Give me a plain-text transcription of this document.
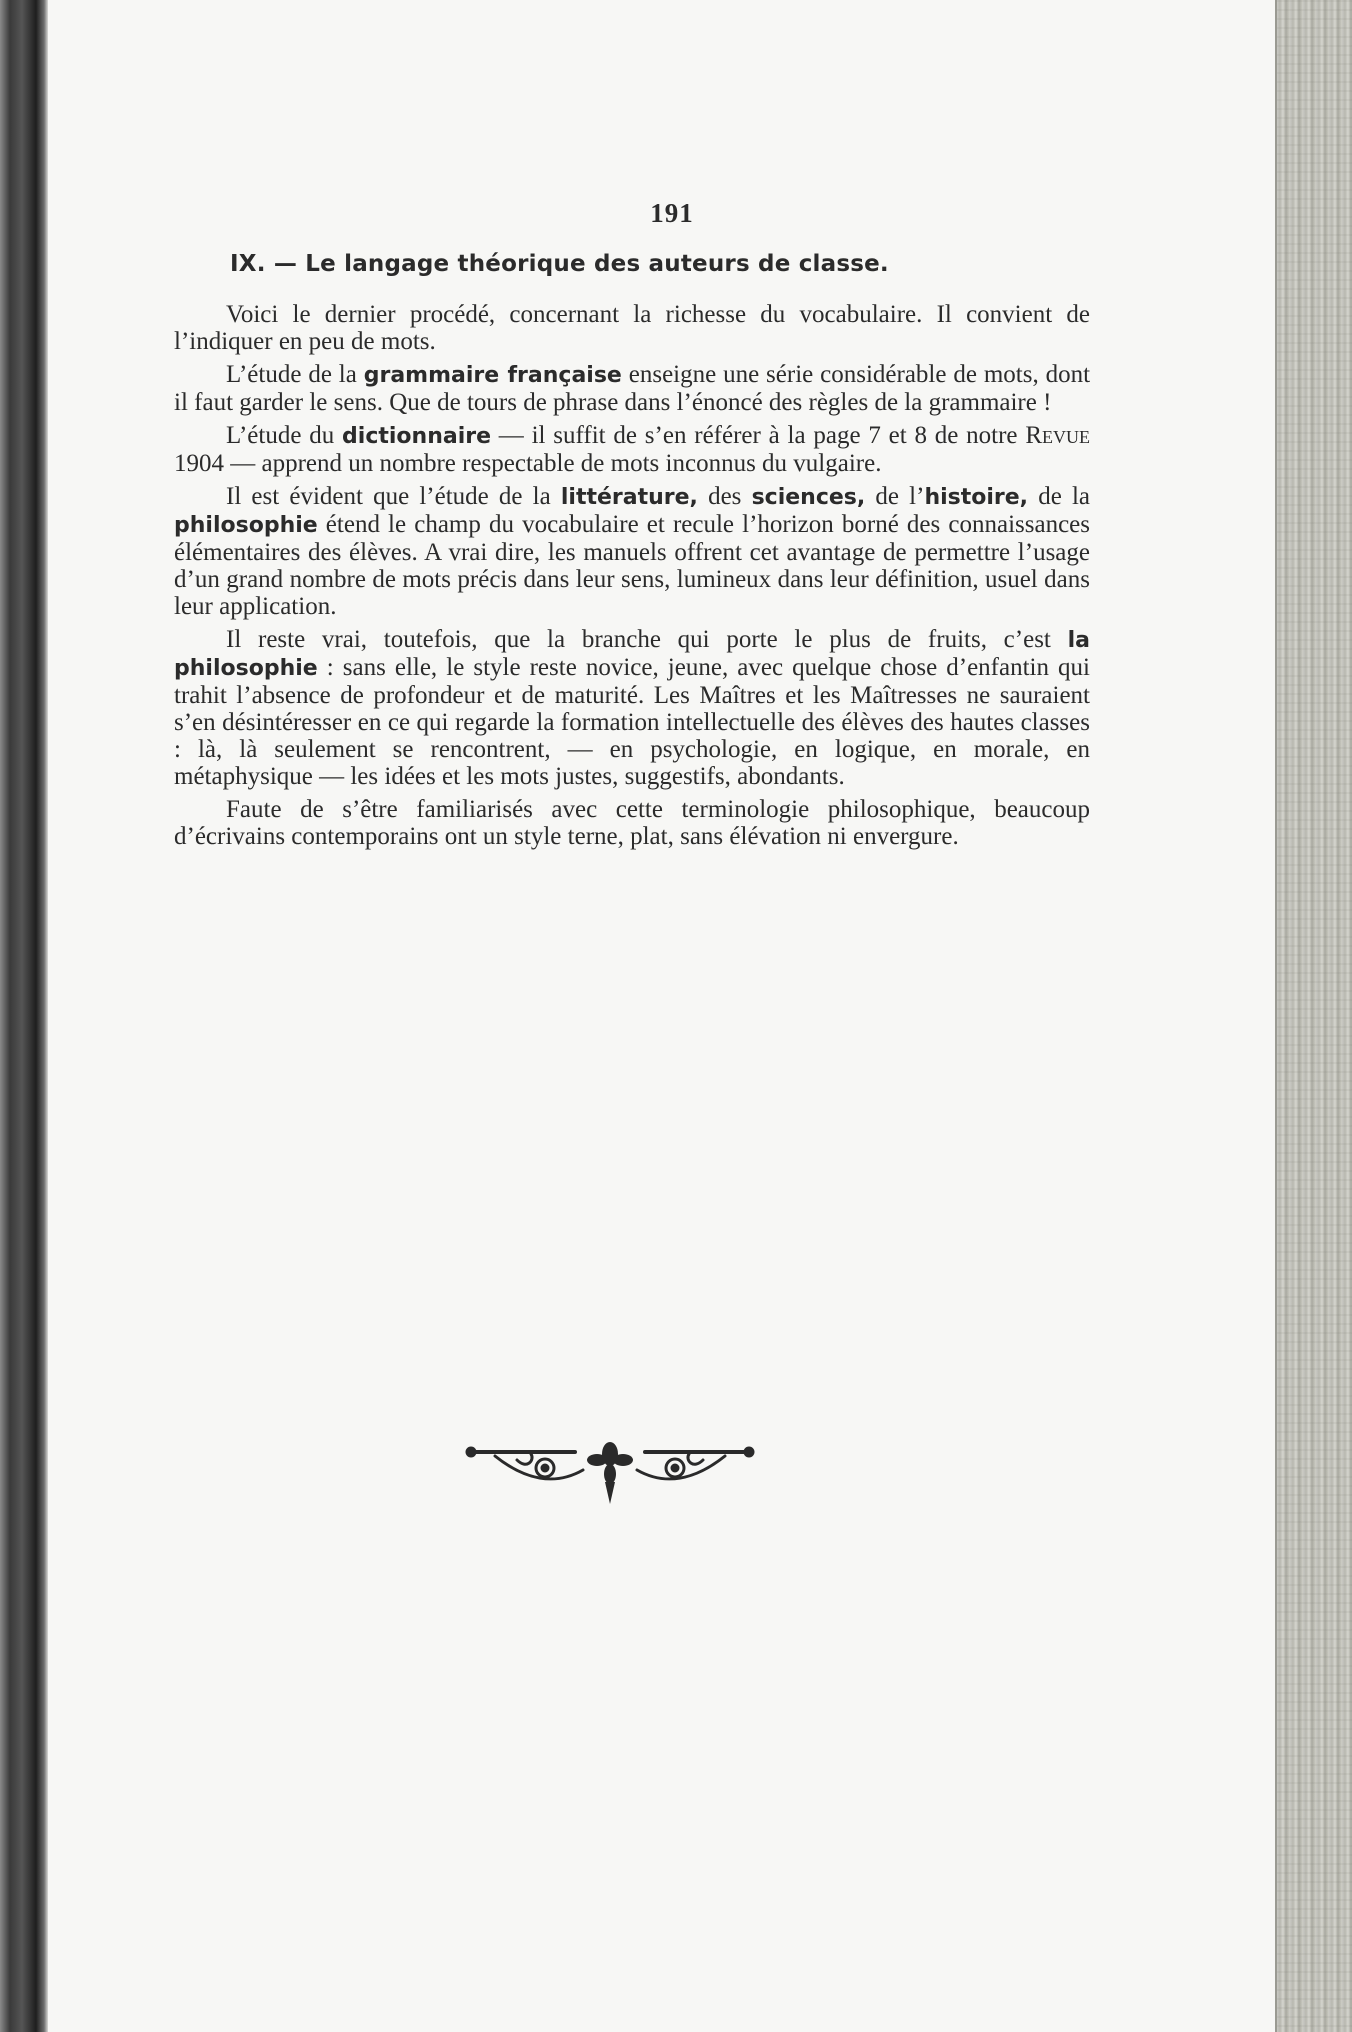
191
IX. — Le langage théorique des auteurs de classe.

Voici le dernier procédé, concernant la richesse du vocabulaire. Il convient de l’indiquer en peu de mots.

L’étude de la grammaire française enseigne une série considérable de mots, dont il faut garder le sens. Que de tours de phrase dans l’énoncé des règles de la grammaire !

L’étude du dictionnaire — il suffit de s’en référer à la page 7 et 8 de notre Revue 1904 — apprend un nombre respectable de mots inconnus du vulgaire.

Il est évident que l’étude de la littérature, des sciences, de l’histoire, de la philosophie étend le champ du vocabulaire et recule l’horizon borné des connaissances élémentaires des élèves. A vrai dire, les manuels offrent cet avantage de permettre l’usage d’un grand nombre de mots précis dans leur sens, lumineux dans leur définition, usuel dans leur application.

Il reste vrai, toutefois, que la branche qui porte le plus de fruits, c’est la philosophie : sans elle, le style reste novice, jeune, avec quelque chose d’enfantin qui trahit l’absence de profondeur et de maturité. Les Maîtres et les Maîtresses ne sauraient s’en désintéresser en ce qui regarde la formation intellectuelle des élèves des hautes classes : là, là seulement se rencontrent, — en psychologie, en logique, en morale, en métaphysique — les idées et les mots justes, suggestifs, abondants.

Faute de s’être familiarisés avec cette terminologie philosophique, beaucoup d’écrivains contemporains ont un style terne, plat, sans élévation ni envergure.
